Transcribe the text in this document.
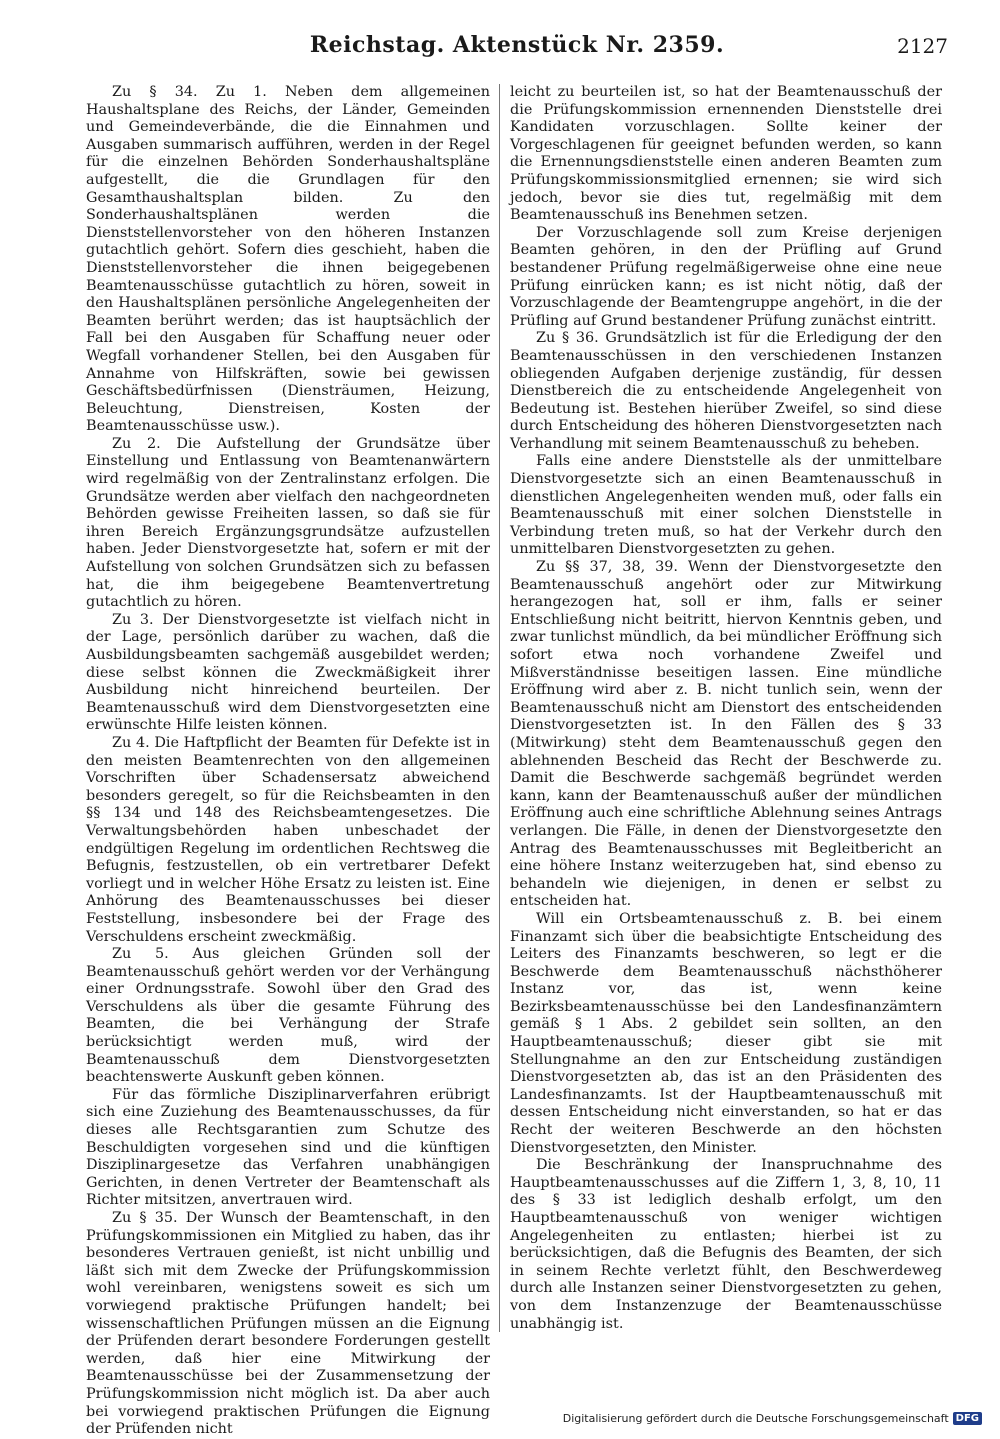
Reichstag. Aktenstück Nr. 2359.	2127

Zu § 34. Zu 1. Neben dem allgemeinen Haushaltsplane des Reichs, der Länder, Gemeinden und Gemeindeverbände, die die Einnahmen und Ausgaben summarisch aufführen, werden in der Regel für die einzelnen Behörden Sonderhaushaltspläne aufgestellt, die die Grundlagen für den Gesamthaushaltsplan bilden. Zu den Sonderhaushaltsplänen werden die Dienststellenvorsteher von den höheren Instanzen gutachtlich gehört. Sofern dies geschieht, haben die Dienststellenvorsteher die ihnen beigegebenen Beamtenausschüsse gutachtlich zu hören, soweit in den Haushaltsplänen persönliche Angelegenheiten der Beamten berührt werden; das ist hauptsächlich der Fall bei den Ausgaben für Schaffung neuer oder Wegfall vorhandener Stellen, bei den Ausgaben für Annahme von Hilfskräften, sowie bei gewissen Geschäftsbedürfnissen (Diensträumen, Heizung, Beleuchtung, Dienstreisen, Kosten der Beamtenausschüsse usw.).

Zu 2. Die Aufstellung der Grundsätze über Einstellung und Entlassung von Beamtenanwärtern wird regelmäßig von der Zentralinstanz erfolgen. Die Grundsätze werden aber vielfach den nachgeordneten Behörden gewisse Freiheiten lassen, so daß sie für ihren Bereich Ergänzungsgrundsätze aufzustellen haben. Jeder Dienstvorgesetzte hat, sofern er mit der Aufstellung von solchen Grundsätzen sich zu befassen hat, die ihm beigegebene Beamtenvertretung gutachtlich zu hören.

Zu 3. Der Dienstvorgesetzte ist vielfach nicht in der Lage, persönlich darüber zu wachen, daß die Ausbildungsbeamten sachgemäß ausgebildet werden; diese selbst können die Zweckmäßigkeit ihrer Ausbildung nicht hinreichend beurteilen. Der Beamtenausschuß wird dem Dienstvorgesetzten eine erwünschte Hilfe leisten können.

Zu 4. Die Haftpflicht der Beamten für Defekte ist in den meisten Beamtenrechten von den allgemeinen Vorschriften über Schadensersatz abweichend besonders geregelt, so für die Reichsbeamten in den §§ 134 und 148 des Reichsbeamtengesetzes. Die Verwaltungsbehörden haben unbeschadet der endgültigen Regelung im ordentlichen Rechtsweg die Befugnis, festzustellen, ob ein vertretbarer Defekt vorliegt und in welcher Höhe Ersatz zu leisten ist. Eine Anhörung des Beamtenausschusses bei dieser Feststellung, insbesondere bei der Frage des Verschuldens erscheint zweckmäßig.

Zu 5. Aus gleichen Gründen soll der Beamtenausschuß gehört werden vor der Verhängung einer Ordnungsstrafe. Sowohl über den Grad des Verschuldens als über die gesamte Führung des Beamten, die bei Verhängung der Strafe berücksichtigt werden muß, wird der Beamtenausschuß dem Dienstvorgesetzten beachtenswerte Auskunft geben können.

Für das förmliche Disziplinarverfahren erübrigt sich eine Zuziehung des Beamtenausschusses, da für dieses alle Rechtsgarantien zum Schutze des Beschuldigten vorgesehen sind und die künftigen Disziplinargesetze das Verfahren unabhängigen Gerichten, in denen Vertreter der Beamtenschaft als Richter mitsitzen, anvertrauen wird.

Zu § 35. Der Wunsch der Beamtenschaft, in den Prüfungskommissionen ein Mitglied zu haben, das ihr besonderes Vertrauen genießt, ist nicht unbillig und läßt sich mit dem Zwecke der Prüfungskommission wohl vereinbaren, wenigstens soweit es sich um vorwiegend praktische Prüfungen handelt; bei wissenschaftlichen Prüfungen müssen an die Eignung der Prüfenden derart besondere Forderungen gestellt werden, daß hier eine Mitwirkung der Beamtenausschüsse bei der Zusammensetzung der Prüfungskommission nicht möglich ist. Da aber auch bei vorwiegend praktischen Prüfungen die Eignung der Prüfenden nicht

leicht zu beurteilen ist, so hat der Beamtenausschuß der die Prüfungskommission ernennenden Dienststelle drei Kandidaten vorzuschlagen. Sollte keiner der Vorgeschlagenen für geeignet befunden werden, so kann die Ernennungsdienststelle einen anderen Beamten zum Prüfungskommissionsmitglied ernennen; sie wird sich jedoch, bevor sie dies tut, regelmäßig mit dem Beamtenausschuß ins Benehmen setzen.

Der Vorzuschlagende soll zum Kreise derjenigen Beamten gehören, in den der Prüfling auf Grund bestandener Prüfung regelmäßigerweise ohne eine neue Prüfung einrücken kann; es ist nicht nötig, daß der Vorzuschlagende der Beamtengruppe angehört, in die der Prüfling auf Grund bestandener Prüfung zunächst eintritt.

Zu § 36. Grundsätzlich ist für die Erledigung der den Beamtenausschüssen in den verschiedenen Instanzen obliegenden Aufgaben derjenige zuständig, für dessen Dienstbereich die zu entscheidende Angelegenheit von Bedeutung ist. Bestehen hierüber Zweifel, so sind diese durch Entscheidung des höheren Dienstvorgesetzten nach Verhandlung mit seinem Beamtenausschuß zu beheben.

Falls eine andere Dienststelle als der unmittelbare Dienstvorgesetzte sich an einen Beamtenausschuß in dienstlichen Angelegenheiten wenden muß, oder falls ein Beamtenausschuß mit einer solchen Dienststelle in Verbindung treten muß, so hat der Verkehr durch den unmittelbaren Dienstvorgesetzten zu gehen.

Zu §§ 37, 38, 39. Wenn der Dienstvorgesetzte den Beamtenausschuß angehört oder zur Mitwirkung herangezogen hat, soll er ihm, falls er seiner Entschließung nicht beitritt, hiervon Kenntnis geben, und zwar tunlichst mündlich, da bei mündlicher Eröffnung sich sofort etwa noch vorhandene Zweifel und Mißverständnisse beseitigen lassen. Eine mündliche Eröffnung wird aber z. B. nicht tunlich sein, wenn der Beamtenausschuß nicht am Dienstort des entscheidenden Dienstvorgesetzten ist. In den Fällen des § 33 (Mitwirkung) steht dem Beamtenausschuß gegen den ablehnenden Bescheid das Recht der Beschwerde zu. Damit die Beschwerde sachgemäß begründet werden kann, kann der Beamtenausschuß außer der mündlichen Eröffnung auch eine schriftliche Ablehnung seines Antrags verlangen. Die Fälle, in denen der Dienstvorgesetzte den Antrag des Beamtenausschusses mit Begleitbericht an eine höhere Instanz weiterzugeben hat, sind ebenso zu behandeln wie diejenigen, in denen er selbst zu entscheiden hat.

Will ein Ortsbeamtenausschuß z. B. bei einem Finanzamt sich über die beabsichtigte Entscheidung des Leiters des Finanzamts beschweren, so legt er die Beschwerde dem Beamtenausschuß nächsthöherer Instanz vor, das ist, wenn keine Bezirksbeamtenausschüsse bei den Landesfinanzämtern gemäß § 1 Abs. 2 gebildet sein sollten, an den Hauptbeamtenausschuß; dieser gibt sie mit Stellungnahme an den zur Entscheidung zuständigen Dienstvorgesetzten ab, das ist an den Präsidenten des Landesfinanzamts. Ist der Hauptbeamtenausschuß mit dessen Entscheidung nicht einverstanden, so hat er das Recht der weiteren Beschwerde an den höchsten Dienstvorgesetzten, den Minister.

Die Beschränkung der Inanspruchnahme des Hauptbeamtenausschusses auf die Ziffern 1, 3, 8, 10, 11 des § 33 ist lediglich deshalb erfolgt, um den Hauptbeamtenausschuß von weniger wichtigen Angelegenheiten zu entlasten; hierbei ist zu berücksichtigen, daß die Befugnis des Beamten, der sich in seinem Rechte verletzt fühlt, den Beschwerdeweg durch alle Instanzen seiner Dienstvorgesetzten zu gehen, von dem Instanzenzuge der Beamtenausschüsse unabhängig ist.

Digitalisierung gefördert durch die Deutsche Forschungsgemeinschaft DFG
